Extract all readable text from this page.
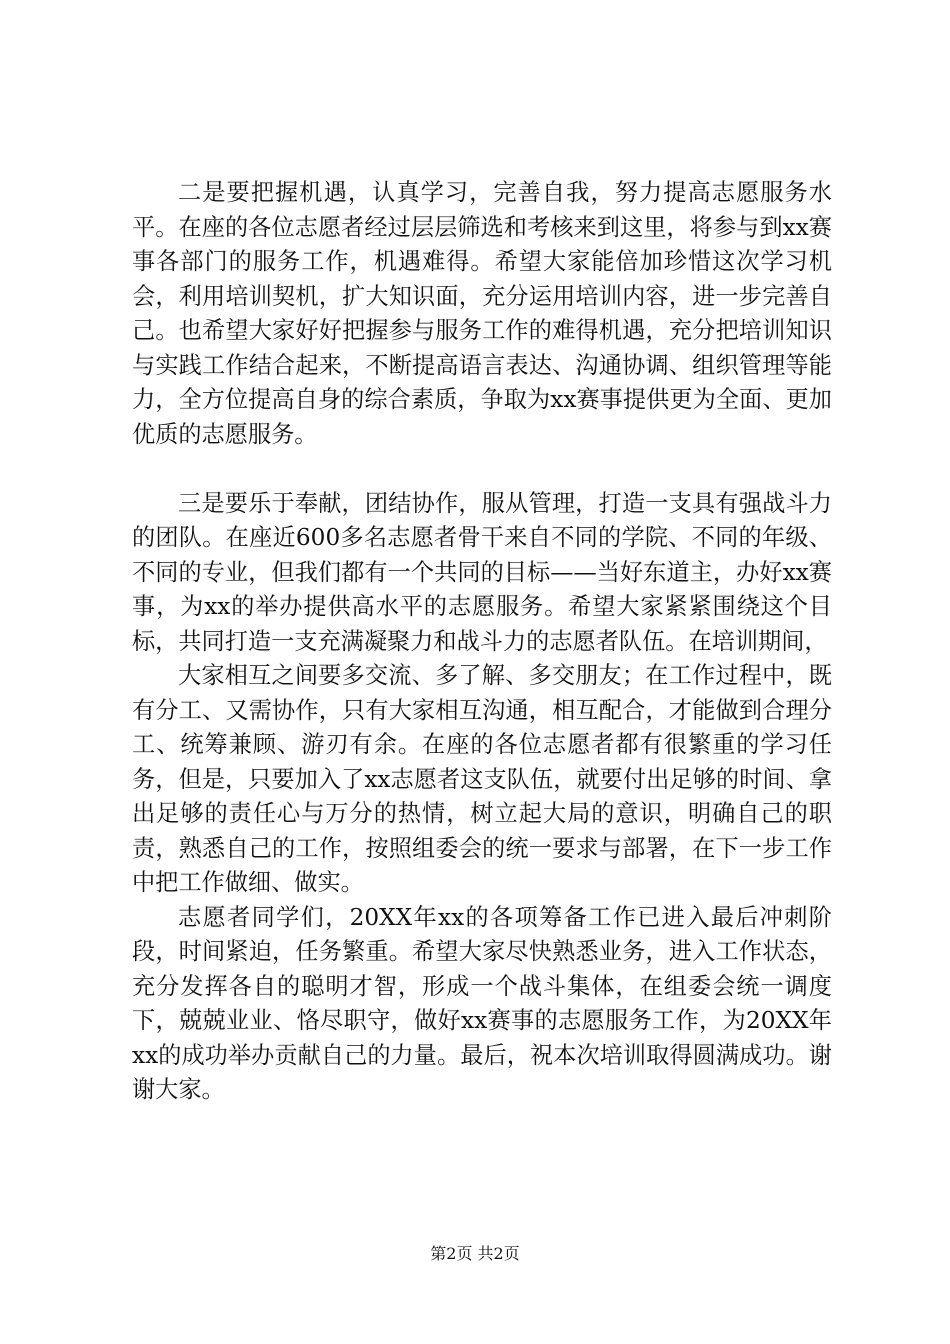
二是要把握机遇，认真学习，完善自我，努力提高志愿服务水平。在座的各位志愿者经过层层筛选和考核来到这里，将参与到xx赛事各部门的服务工作，机遇难得。希望大家能倍加珍惜这次学习机会，利用培训契机，扩大知识面，充分运用培训内容，进一步完善自己。也希望大家好好把握参与服务工作的难得机遇，充分把培训知识与实践工作结合起来，不断提高语言表达、沟通协调、组织管理等能力，全方位提高自身的综合素质，争取为xx赛事提供更为全面、更加优质的志愿服务。

三是要乐于奉献，团结协作，服从管理，打造一支具有强战斗力的团队。在座近600多名志愿者骨干来自不同的学院、不同的年级、不同的专业，但我们都有一个共同的目标——当好东道主，办好xx赛事，为xx的举办提供高水平的志愿服务。希望大家紧紧围绕这个目标，共同打造一支充满凝聚力和战斗力的志愿者队伍。在培训期间，

大家相互之间要多交流、多了解、多交朋友；在工作过程中，既有分工、又需协作，只有大家相互沟通，相互配合，才能做到合理分工、统筹兼顾、游刃有余。在座的各位志愿者都有很繁重的学习任务，但是，只要加入了xx志愿者这支队伍，就要付出足够的时间、拿出足够的责任心与万分的热情，树立起大局的意识，明确自己的职责，熟悉自己的工作，按照组委会的统一要求与部署，在下一步工作中把工作做细、做实。

志愿者同学们，20XX年xx的各项筹备工作已进入最后冲刺阶段，时间紧迫，任务繁重。希望大家尽快熟悉业务，进入工作状态，充分发挥各自的聪明才智，形成一个战斗集体，在组委会统一调度下，兢兢业业、恪尽职守，做好xx赛事的志愿服务工作，为20XX年xx的成功举办贡献自己的力量。最后，祝本次培训取得圆满成功。谢谢大家。

第2页 共2页
